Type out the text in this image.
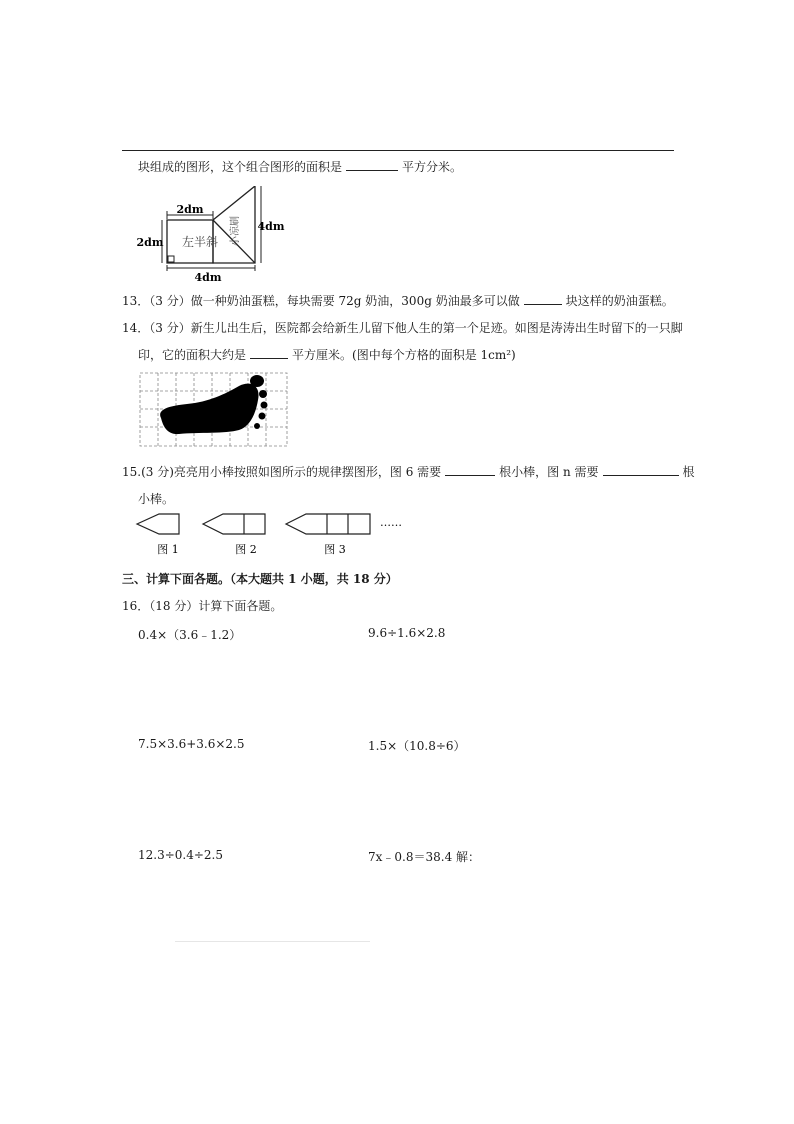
块组成的图形，这个组合图形的面积是	平方分米。
2dm
2dm
4dm
4dm
左半斜 小凉刷
13．（3 分）做一种奶油蛋糕，每块需要 72g 奶油，300g 奶油最多可以做	块这样的奶油蛋糕。
14．（3 分）新生儿出生后，医院都会给新生儿留下他人生的第一个足迹。如图是涛涛出生时留下的一只脚
印，它的面积大约是	平方厘米。(图中每个方格的面积是 1cm²)
15.(3 分)亮亮用小棒按照如图所示的规律摆图形，图 6 需要	根小棒，图 n 需要	根
小棒。
……
图 1	图 2	图 3
三、计算下面各题。（本大题共 1 小题，共 18 分）
16．（18 分）计算下面各题。
0.4×（3.6﹣1.2）	9.6÷1.6×2.8
7.5×3.6+3.6×2.5	1.5×（10.8÷6）
12.3÷0.4÷2.5	7x﹣0.8＝38.4 解：
